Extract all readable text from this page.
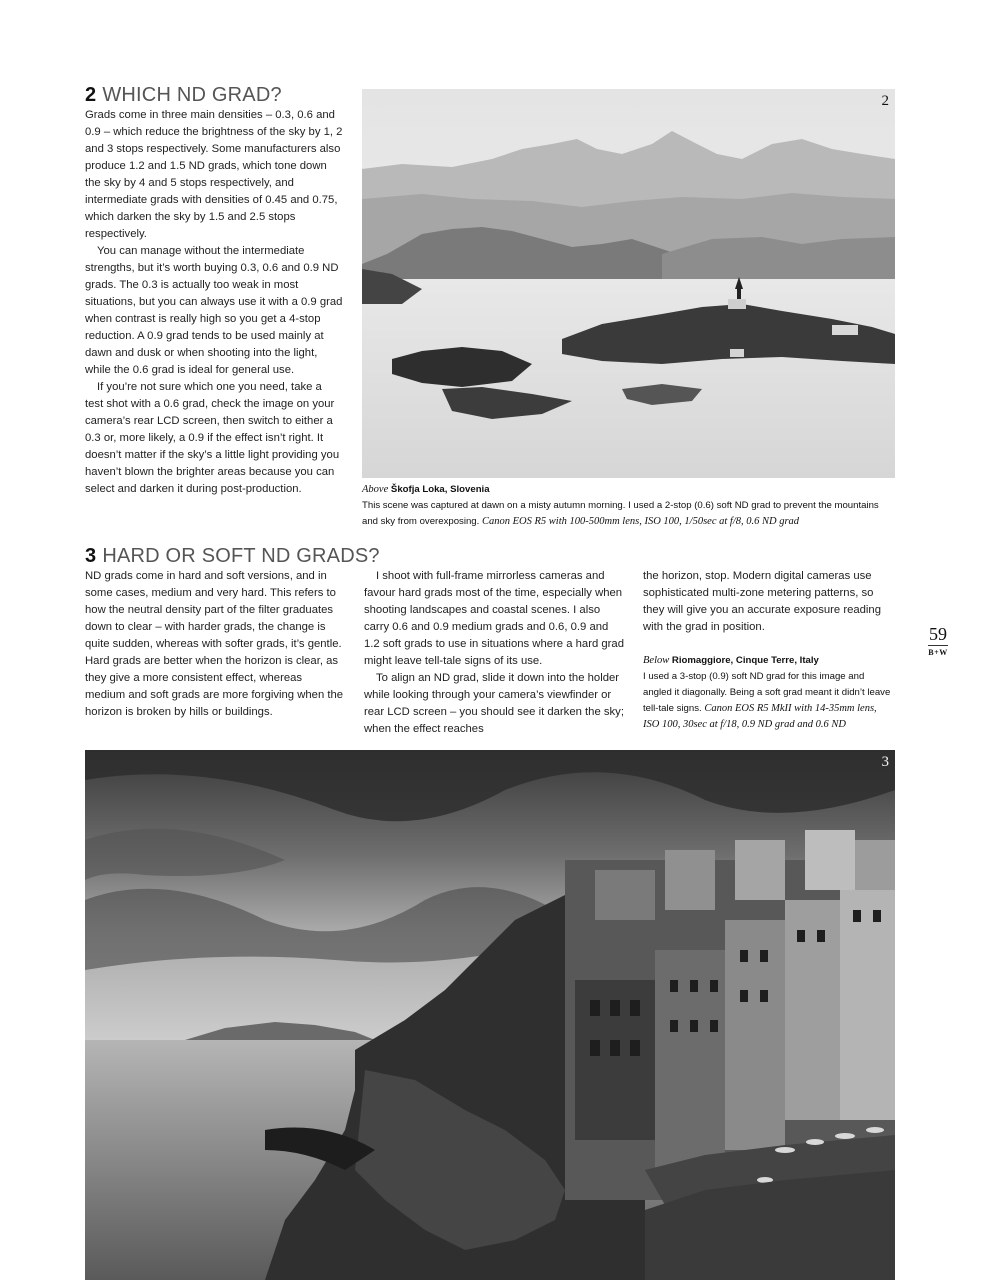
2 WHICH ND GRAD?

Grads come in three main densities – 0.3, 0.6 and 0.9 – which reduce the brightness of the sky by 1, 2 and 3 stops respectively. Some manufacturers also produce 1.2 and 1.5 ND grads, which tone down the sky by 4 and 5 stops respectively, and intermediate grads with densities of 0.45 and 0.75, which darken the sky by 1.5 and 2.5 stops respectively.

You can manage without the intermediate strengths, but it’s worth buying 0.3, 0.6 and 0.9 ND grads. The 0.3 is actually too weak in most situations, but you can always use it with a 0.9 grad when contrast is really high so you get a 4-stop reduction. A 0.9 grad tends to be used mainly at dawn and dusk or when shooting into the light, while the 0.6 grad is ideal for general use.

If you’re not sure which one you need, take a test shot with a 0.6 grad, check the image on your camera’s rear LCD screen, then switch to either a 0.3 or, more likely, a 0.9 if the effect isn’t right. It doesn’t matter if the sky’s a little light providing you haven’t blown the brighter areas because you can select and darken it during post-production.

2
Above Škofja Loka, Slovenia
This scene was captured at dawn on a misty autumn morning. I used a 2-stop (0.6) soft ND grad to prevent the mountains and sky from overexposing. Canon EOS R5 with 100-500mm lens, ISO 100, 1/50sec at f/8, 0.6 ND grad
3 HARD OR SOFT ND GRADS?

ND grads come in hard and soft versions, and in some cases, medium and very hard. This refers to how the neutral density part of the filter graduates down to clear – with harder grads, the change is quite sudden, whereas with softer grads, it’s gentle. Hard grads are better when the horizon is clear, as they give a more consistent effect, whereas medium and soft grads are more forgiving when the horizon is broken by hills or buildings.

I shoot with full-frame mirrorless cameras and favour hard grads most of the time, especially when shooting landscapes and coastal scenes. I also carry 0.6 and 0.9 medium grads and 0.6, 0.9 and 1.2 soft grads to use in situations where a hard grad might leave tell-tale signs of its use.

To align an ND grad, slide it down into the holder while looking through your camera’s viewfinder or rear LCD screen – you should see it darken the sky; when the effect reaches

the horizon, stop. Modern digital cameras use sophisticated multi-zone metering patterns, so they will give you an accurate exposure reading with the grad in position.

Below Riomaggiore, Cinque Terre, Italy
I used a 3-stop (0.9) soft ND grad for this image and angled it diagonally. Being a soft grad meant it didn’t leave tell-tale signs. Canon EOS R5 MkII with 14-35mm lens, ISO 100, 30sec at f/18, 0.9 ND grad and 0.6 ND
59
B+W
3
